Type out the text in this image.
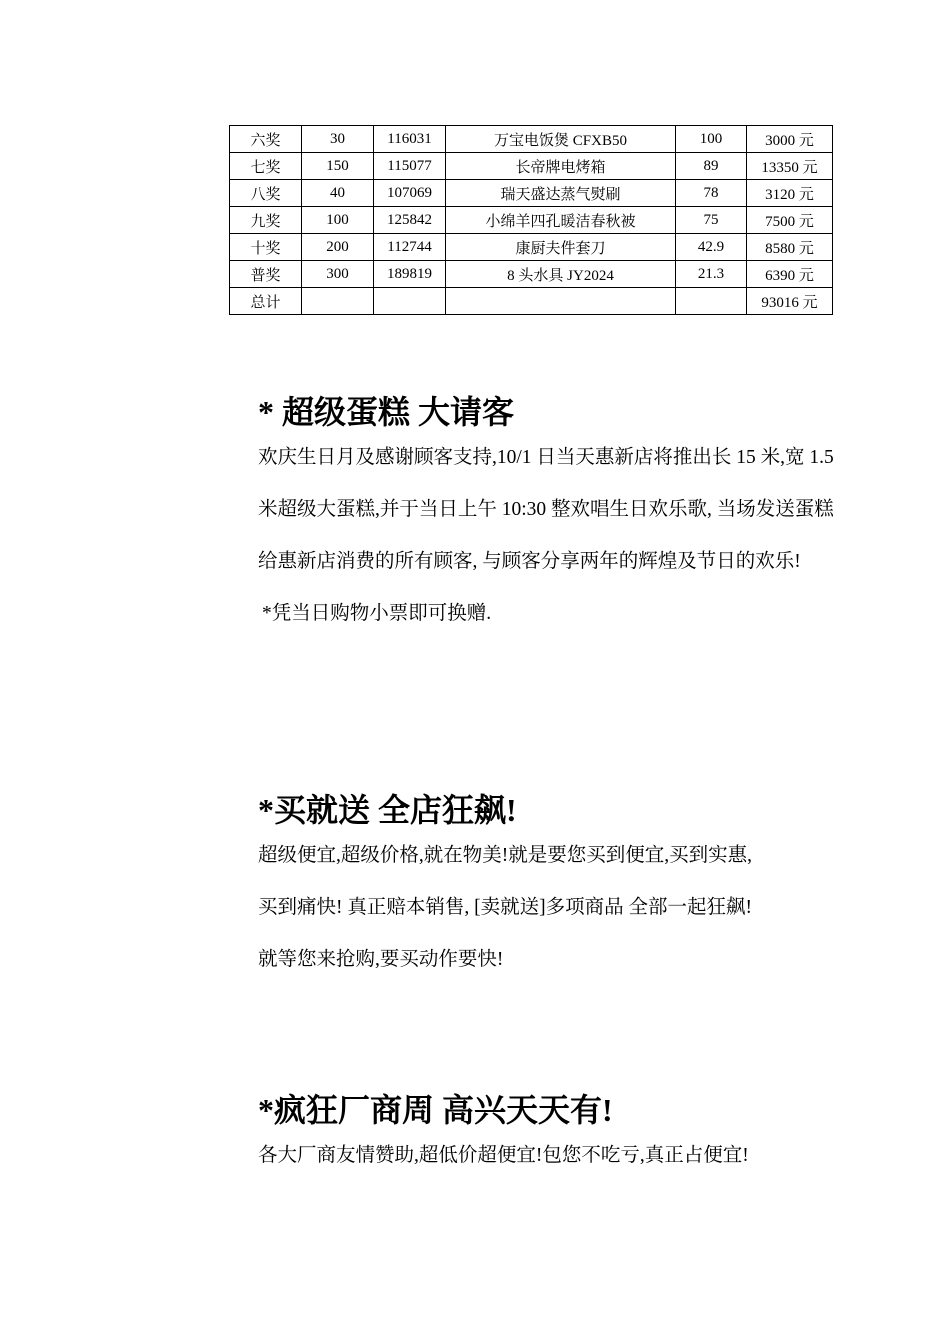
六奖	30	116031	万宝电饭煲 CFXB50	100	3000 元
七奖	150	115077	长帝牌电烤箱	89	13350 元
八奖	40	107069	瑞天盛达蒸气熨刷	78	3120 元
九奖	100	125842	小绵羊四孔暖洁春秋被	75	7500 元
十奖	200	112744	康厨夫件套刀	42.9	8580 元
普奖	300	189819	8 头水具 JY2024	21.3	6390 元
总计					93016 元
* 超级蛋糕 大请客

欢庆生日月及感谢顾客支持,10/1 日当天惠新店将推出长 15 米,宽 1.5 米超级大蛋糕,并于当日上午 10:30 整欢唱生日欢乐歌, 当场发送蛋糕给惠新店消费的所有顾客, 与顾客分享两年的辉煌及节日的欢乐!

*凭当日购物小票即可换赠.

*买就送 全店狂飙!

超级便宜,超级价格,就在物美!就是要您买到便宜,买到实惠,

买到痛快! 真正赔本销售, [卖就送]多项商品 全部一起狂飙!

就等您来抢购,要买动作要快!

*疯狂厂商周 高兴天天有!

各大厂商友情赞助,超低价超便宜!包您不吃亏,真正占便宜!
